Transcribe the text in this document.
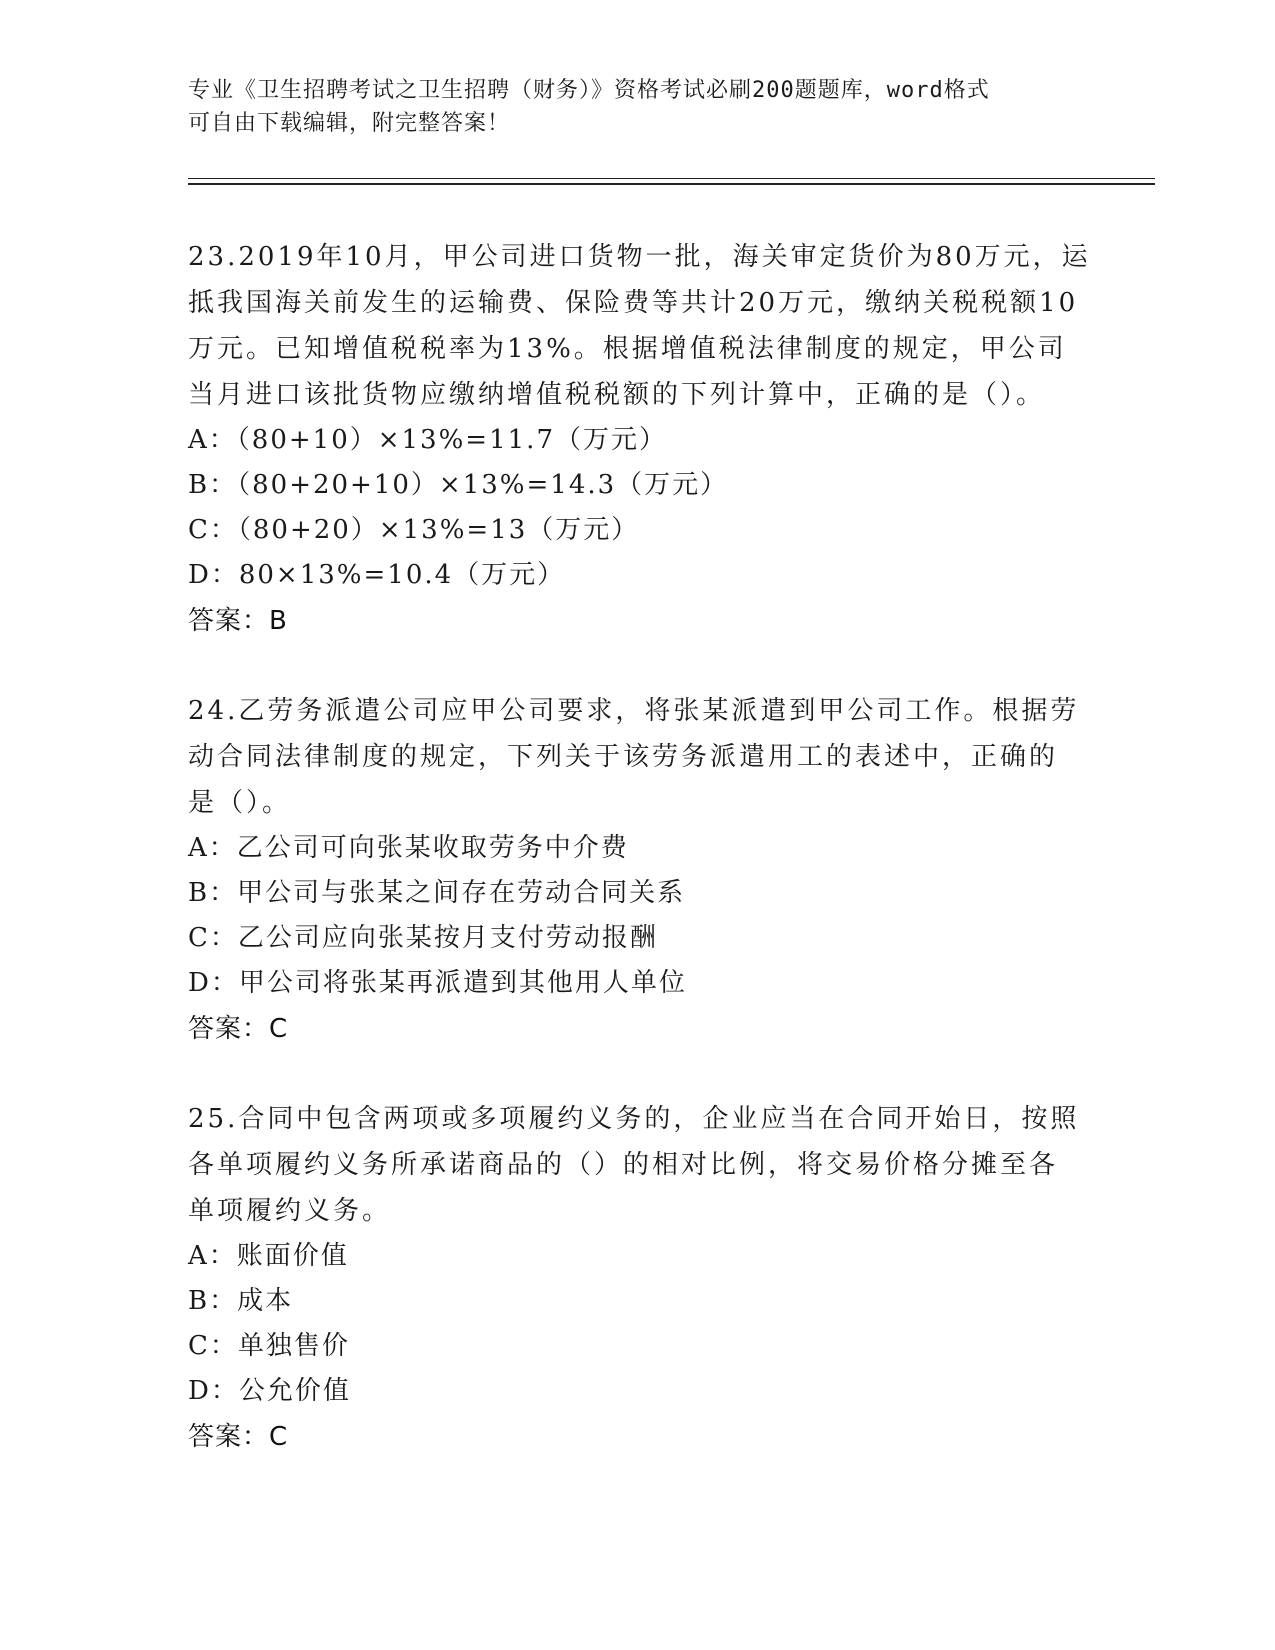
专业《卫生招聘考试之卫生招聘（财务）》资格考试必刷200题题库，word格式
可自由下载编辑，附完整答案！
23.2019年10月，甲公司进口货物一批，海关审定货价为80万元，运
抵我国海关前发生的运输费、保险费等共计20万元，缴纳关税税额10
万元。已知增值税税率为13%。根据增值税法律制度的规定，甲公司
当月进口该批货物应缴纳增值税税额的下列计算中，正确的是（）。
A：（80+10）×13%=11.7（万元）
B：（80+20+10）×13%=14.3（万元）
C：（80+20）×13%=13（万元）
D：80×13%=10.4（万元）
答案：B
24.乙劳务派遣公司应甲公司要求，将张某派遣到甲公司工作。根据劳
动合同法律制度的规定，下列关于该劳务派遣用工的表述中，正确的
是（）。
A：乙公司可向张某收取劳务中介费
B：甲公司与张某之间存在劳动合同关系
C：乙公司应向张某按月支付劳动报酬
D：甲公司将张某再派遣到其他用人单位
答案：C
25.合同中包含两项或多项履约义务的，企业应当在合同开始日，按照
各单项履约义务所承诺商品的（）的相对比例，将交易价格分摊至各
单项履约义务。
A：账面价值
B：成本
C：单独售价
D：公允价值
答案：C
